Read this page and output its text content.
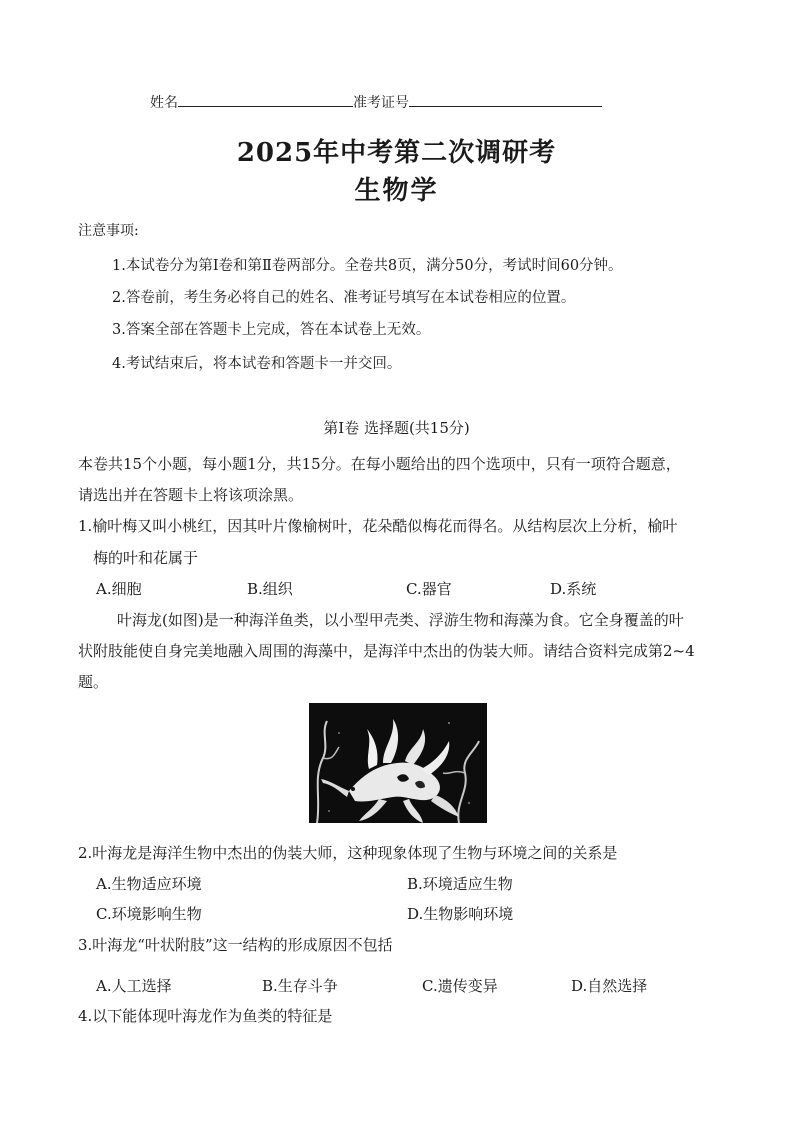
姓名	准考证号
2025年中考第二次调研考
生物学
注意事项:
1.本试卷分为第Ⅰ卷和第Ⅱ卷两部分。全卷共8页，满分50分，考试时间60分钟。
2.答卷前，考生务必将自己的姓名、准考证号填写在本试卷相应的位置。
3.答案全部在答题卡上完成，答在本试卷上无效。
4.考试结束后，将本试卷和答题卡一并交回。
第Ⅰ卷 选择题(共15分)
本卷共15个小题，每小题1分，共15分。在每小题给出的四个选项中，只有一项符合题意，
请选出并在答题卡上将该项涂黑。
1.榆叶梅又叫小桃红，因其叶片像榆树叶，花朵酷似梅花而得名。从结构层次上分析，榆叶
梅的叶和花属于
A.细胞	B.组织	C.器官	D.系统
叶海龙(如图)是一种海洋鱼类，以小型甲壳类、浮游生物和海藻为食。它全身覆盖的叶
状附肢能使自身完美地融入周围的海藻中，是海洋中杰出的伪装大师。请结合资料完成第2~4
题。
2.叶海龙是海洋生物中杰出的伪装大师，这种现象体现了生物与环境之间的关系是
A.生物适应环境	B.环境适应生物
C.环境影响生物	D.生物影响环境
3.叶海龙“叶状附肢”这一结构的形成原因不包括
A.人工选择	B.生存斗争	C.遗传变异	D.自然选择
4.以下能体现叶海龙作为鱼类的特征是
